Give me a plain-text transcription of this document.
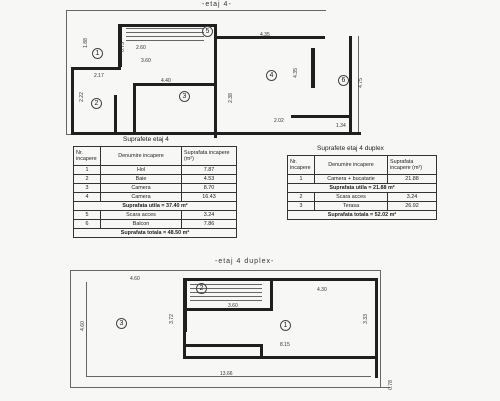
-etaj 4-
1.88	0.75 2.60
3.60
2.17
4.40
2.22	2.38
4.35
4.35
4.75
2.02
1.34
1
2
3
4
5
6
Suprafete etaj 4
Nr. incapere	Denumire incapere	Suprafata incapere (m²)
1	Hol	7.87
2	Baie	4.53
3	Camera	8.70
4	Camera	16.43
Suprafata utila = 37.40 m²		
5	Scara acces	3.24
6	Balcon	7.86
Suprafata totala = 48.50 m²		
Suprafete etaj 4 duplex
Nr. incapere	Denumire incapere	Suprafata incapere (m²)
1	Camera + bucatarie	21.88
Suprafata utila = 21.88 m²		
2	Scara acces	3.24
3	Terasa	26.92
Suprafata totala = 52.02 m²		
-etaj 4 duplex-
4.60
4.60
3.72
3.60
4.30
3.33
8.15
13.66
0.78
1
2
3
